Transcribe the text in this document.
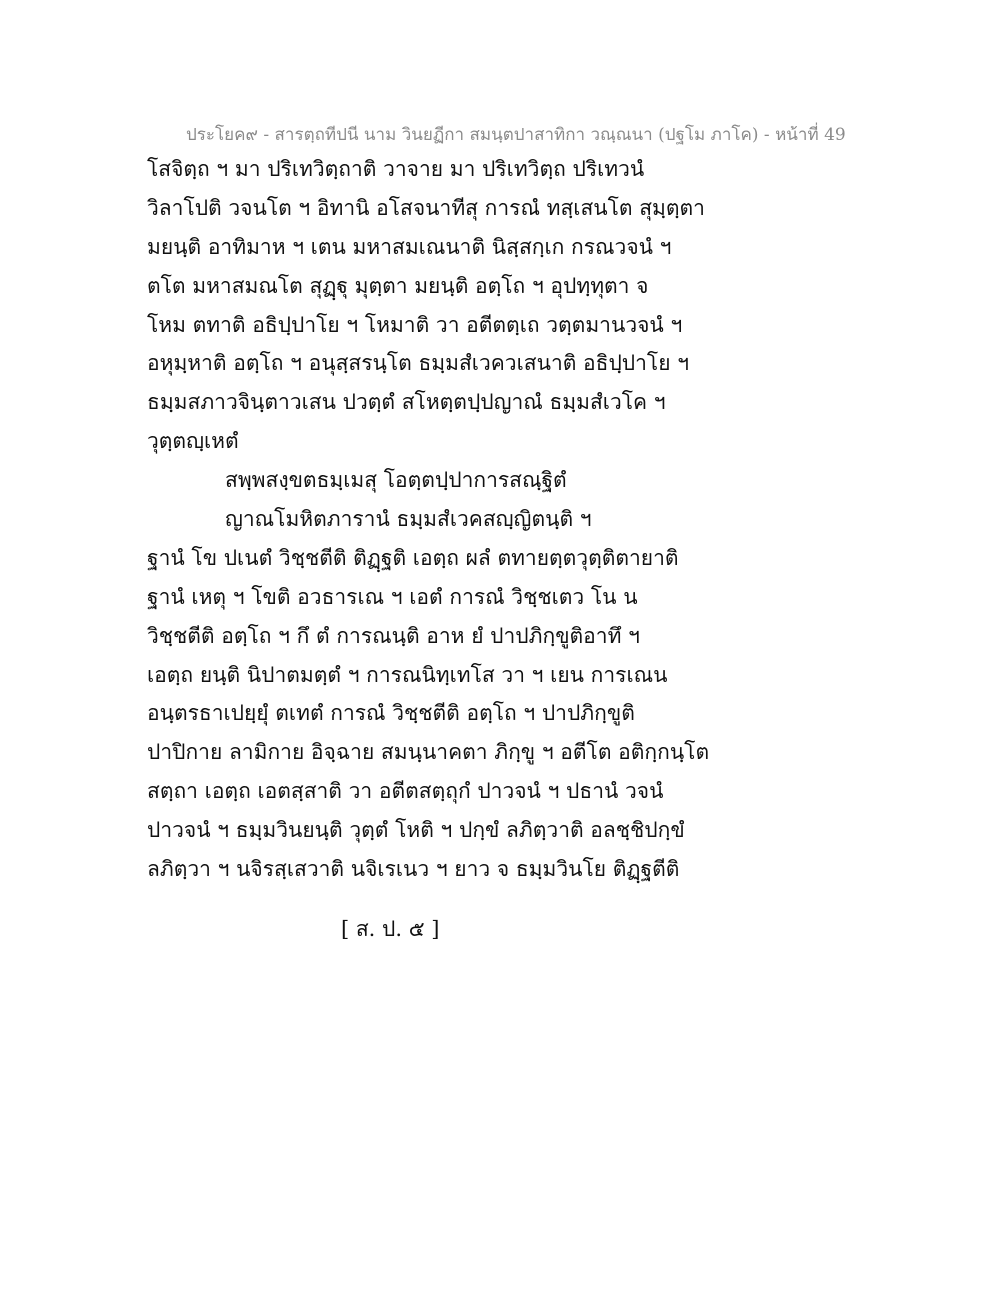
ประโยค๙ - สารตฺถทีปนี นาม วินยฏีกา สมนฺตปาสาทิกา วณฺณนา (ปฐโม ภาโค) - หน้าที่ 49
โสจิตฺถ ฯ มา ปริเทวิตฺถาติ วาจาย มา ปริเทวิตฺถ ปริเทวนํ
วิลาโปติ วจนโต ฯ อิทานิ อโสจนาทีสุ การณํ ทสฺเสนโต สุมฺตฺตา
มยนฺติ อาทิมาห ฯ เตน มหาสมเณนาติ นิสฺสกฺเก กรณวจนํ ฯ
ตโต มหาสมณโต สุฏฺฐุ มุตฺตา มยนฺติ อตฺโถ ฯ อุปทฺทุตา จ
โหม ตทาติ อธิปฺปาโย ฯ โหมาติ วา อตีตตฺเถ วตฺตมานวจนํ ฯ
อหุมฺหาติ อตฺโถ ฯ อนุสฺสรนฺโต ธมฺมสํเวควเสนาติ อธิปฺปาโย ฯ
ธมฺมสภาวจินฺตาวเสน ปวตฺตํ สโหตฺตปฺปญาณํ ธมฺมสํเวโค ฯ
วุตฺตญฺเหตํ
สพฺพสงฺขตธมฺเมสุ โอตฺตปฺปาการสณฺฐิตํ
ญาณโมหิตภารานํ ธมฺมสํเวคสญฺญิตนฺติ ฯ
ฐานํ โข ปเนตํ วิชฺชตีติ ติฏฺฐติ เอตฺถ ผลํ ตทายตฺตวุตฺติตายาติ
ฐานํ เหตุ ฯ โขติ อวธารเณ ฯ เอตํ การณํ วิชฺชเตว โน น
วิชฺชตีติ อตฺโถ ฯ กึ ตํ การณนฺติ อาห ยํ ปาปภิกฺขูติอาทึ ฯ
เอตฺถ ยนฺติ นิปาตมตฺตํ ฯ การณนิทฺเทโส วา ฯ เยน การเณน
อนฺตรธาเปยฺยุํ ตเทตํ การณํ วิชฺชตีติ อตฺโถ ฯ ปาปภิกฺขูติ
ปาปิกาย ลามิกาย อิจฺฉาย สมนฺนาคตา ภิกฺขู ฯ อตีโต อติกฺกนฺโต
สตฺถา เอตฺถ เอตสฺสาติ วา อตีตสตฺถุกํ ปาวจนํ ฯ ปธานํ วจนํ
ปาวจนํ ฯ ธมฺมวินยนฺติ วุตฺตํ โหติ ฯ ปกฺขํ ลภิตฺวาติ อลชฺชิปกฺขํ
ลภิตฺวา ฯ นจิรสฺเสวาติ นจิเรเนว ฯ ยาว จ ธมฺมวินโย ติฏฺฐตีติ
[ ส. ป. ๕ ]
